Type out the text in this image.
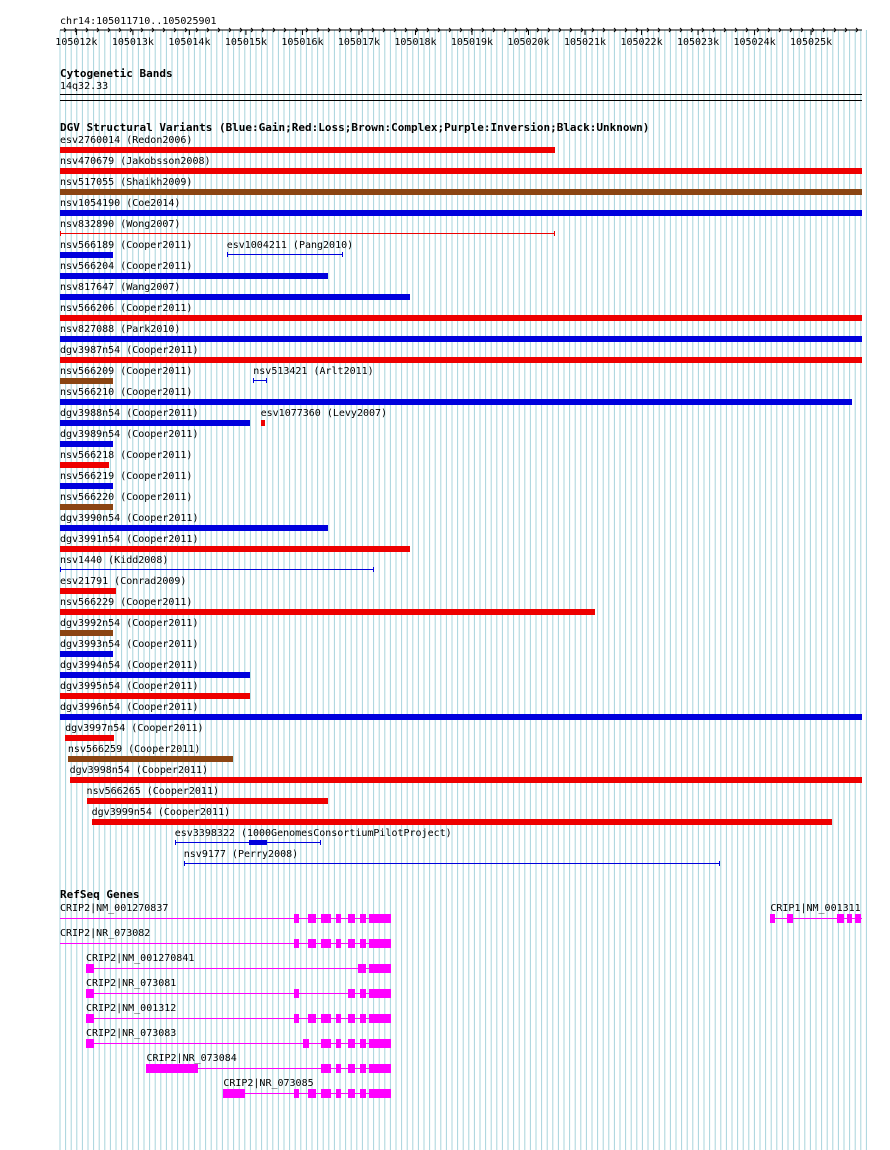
chr14:105011710..105025901
105012k 105013k 105014k 105015k 105016k 105017k 105018k 105019k 105020k 105021k 105022k 105023k 105024k 105025k
Cytogenetic Bands
14q32.33
DGV Structural Variants (Blue:Gain;Red:Loss;Brown:Complex;Purple:Inversion;Black:Unknown)
RefSeq Genes
esv2760014 (Redon2006)
nsv470679 (Jakobsson2008)
nsv517055 (Shaikh2009)
nsv1054190 (Coe2014)
nsv832890 (Wong2007)
nsv566189 (Cooper2011)	esv1004211 (Pang2010)
nsv566204 (Cooper2011)
nsv817647 (Wang2007)
nsv566206 (Cooper2011)
nsv827088 (Park2010)
dgv3987n54 (Cooper2011)
nsv566209 (Cooper2011)	nsv513421 (Arlt2011)
nsv566210 (Cooper2011)
dgv3988n54 (Cooper2011)	esv1077360 (Levy2007)
dgv3989n54 (Cooper2011)
nsv566218 (Cooper2011)
nsv566219 (Cooper2011)
nsv566220 (Cooper2011)
dgv3990n54 (Cooper2011)
dgv3991n54 (Cooper2011)
nsv1440 (Kidd2008)
esv21791 (Conrad2009)
nsv566229 (Cooper2011)
dgv3992n54 (Cooper2011)
dgv3993n54 (Cooper2011)
dgv3994n54 (Cooper2011)
dgv3995n54 (Cooper2011)
dgv3996n54 (Cooper2011)
dgv3997n54 (Cooper2011)
nsv566259 (Cooper2011)
dgv3998n54 (Cooper2011)
nsv566265 (Cooper2011)
dgv3999n54 (Cooper2011)
esv3398322 (1000GenomesConsortiumPilotProject)
nsv9177 (Perry2008)
CRIP2|NM_001270837	CRIP1|NM_001311
CRIP2|NR_073082
CRIP2|NM_001270841
CRIP2|NR_073081
CRIP2|NM_001312
CRIP2|NR_073083
CRIP2|NR_073084
CRIP2|NR_073085
